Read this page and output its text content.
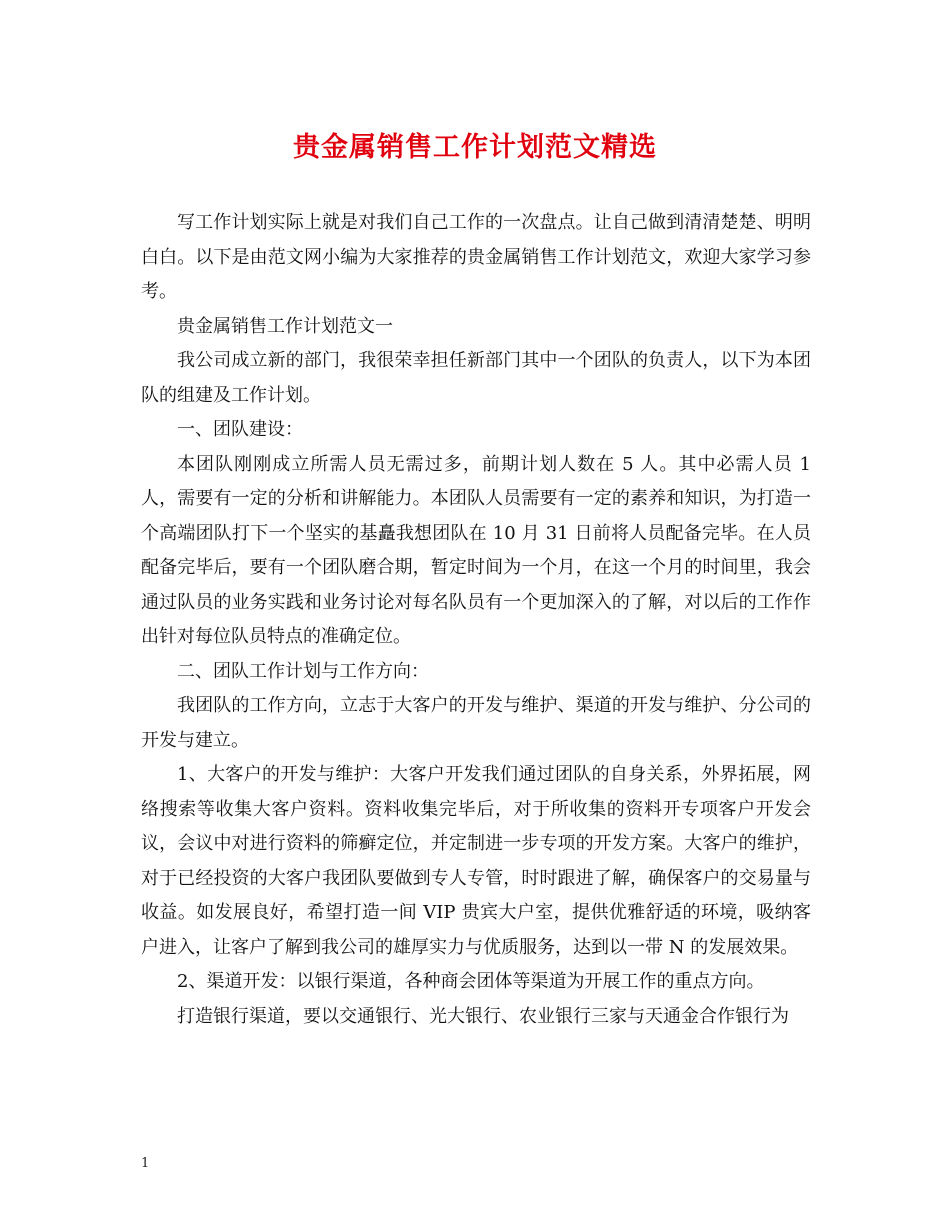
贵金属销售工作计划范文精选

写工作计划实际上就是对我们自己工作的一次盘点。让自己做到清清楚楚、明明白白。以下是由范文网小编为大家推荐的贵金属销售工作计划范文，欢迎大家学习参考。

贵金属销售工作计划范文一

我公司成立新的部门，我很荣幸担任新部门其中一个团队的负责人，以下为本团队的组建及工作计划。

一、团队建设：

本团队刚刚成立所需人员无需过多，前期计划人数在 5 人。其中必需人员 1 人，需要有一定的分析和讲解能力。本团队人员需要有一定的素养和知识，为打造一个高端团队打下一个坚实的基矗我想团队在 10 月 31 日前将人员配备完毕。在人员配备完毕后，要有一个团队磨合期，暂定时间为一个月，在这一个月的时间里，我会通过队员的业务实践和业务讨论对每名队员有一个更加深入的了解，对以后的工作作出针对每位队员特点的准确定位。

二、团队工作计划与工作方向：

我团队的工作方向，立志于大客户的开发与维护、渠道的开发与维护、分公司的开发与建立。

1、大客户的开发与维护：大客户开发我们通过团队的自身关系，外界拓展，网络搜索等收集大客户资料。资料收集完毕后，对于所收集的资料开专项客户开发会议，会议中对进行资料的筛癣定位，并定制进一步专项的开发方案。大客户的维护，对于已经投资的大客户我团队要做到专人专管，时时跟进了解，确保客户的交易量与收益。如发展良好，希望打造一间 VIP 贵宾大户室，提供优雅舒适的环境，吸纳客户进入，让客户了解到我公司的雄厚实力与优质服务，达到以一带 N 的发展效果。

2、渠道开发：以银行渠道，各种商会团体等渠道为开展工作的重点方向。

打造银行渠道，要以交通银行、光大银行、农业银行三家与天通金合作银行为

1
